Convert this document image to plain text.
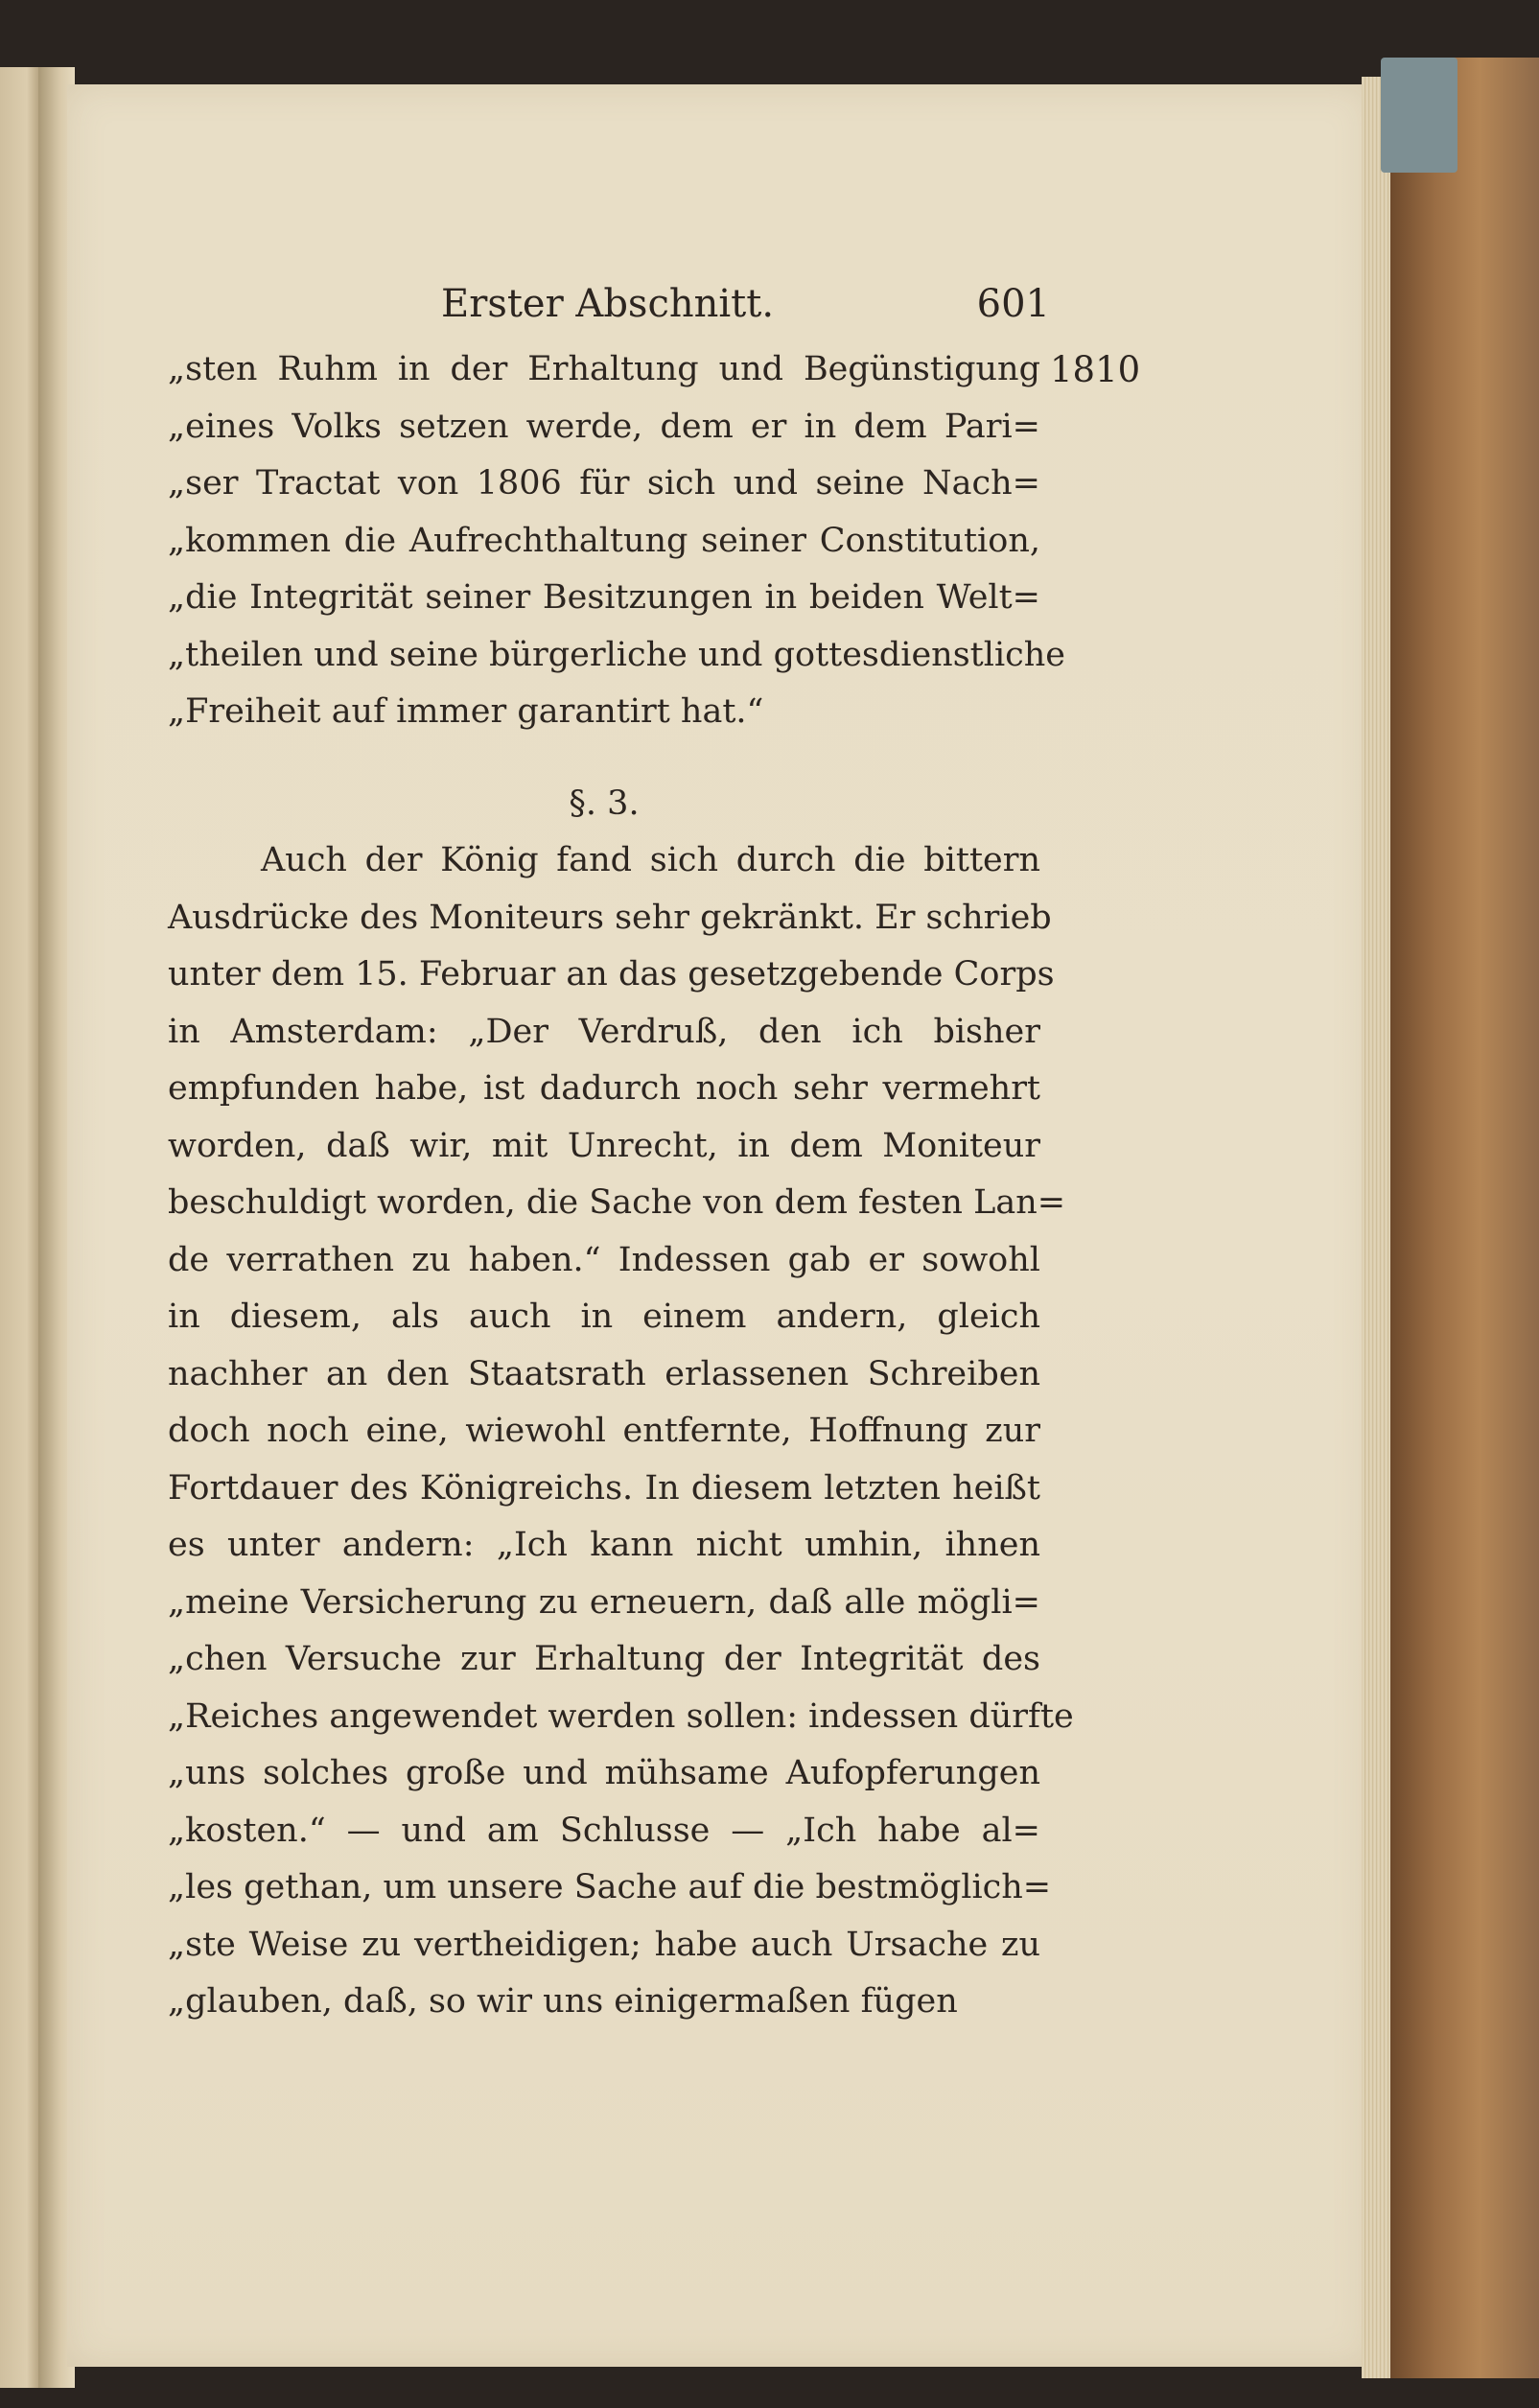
Erster Abschnitt.	601
1810
„sten Ruhm in der Erhaltung und Begünstigung
„eines Volks setzen werde, dem er in dem Pari=
„ser Tractat von 1806 für sich und seine Nach=
„kommen die Aufrechthaltung seiner Constitution,
„die Integrität seiner Besitzungen in beiden Welt=
„theilen und seine bürgerliche und gottesdienstliche
„Freiheit auf immer garantirt hat.“
§. 3.
Auch der König fand sich durch die bittern
Ausdrücke des Moniteurs sehr gekränkt. Er schrieb
unter dem 15. Februar an das gesetzgebende Corps
in Amsterdam: „Der Verdruß, den ich bisher
empfunden habe, ist dadurch noch sehr vermehrt
worden, daß wir, mit Unrecht, in dem Moniteur
beschuldigt worden, die Sache von dem festen Lan=
de verrathen zu haben.“ Indessen gab er sowohl
in diesem, als auch in einem andern, gleich
nachher an den Staatsrath erlassenen Schreiben
doch noch eine, wiewohl entfernte, Hoffnung zur
Fortdauer des Königreichs. In diesem letzten heißt
es unter andern: „Ich kann nicht umhin, ihnen
„meine Versicherung zu erneuern, daß alle mögli=
„chen Versuche zur Erhaltung der Integrität des
„Reiches angewendet werden sollen: indessen dürfte
„uns solches große und mühsame Aufopferungen
„kosten.“ — und am Schlusse — „Ich habe al=
„les gethan, um unsere Sache auf die bestmöglich=
„ste Weise zu vertheidigen; habe auch Ursache zu
„glauben, daß, so wir uns einigermaßen fügen
